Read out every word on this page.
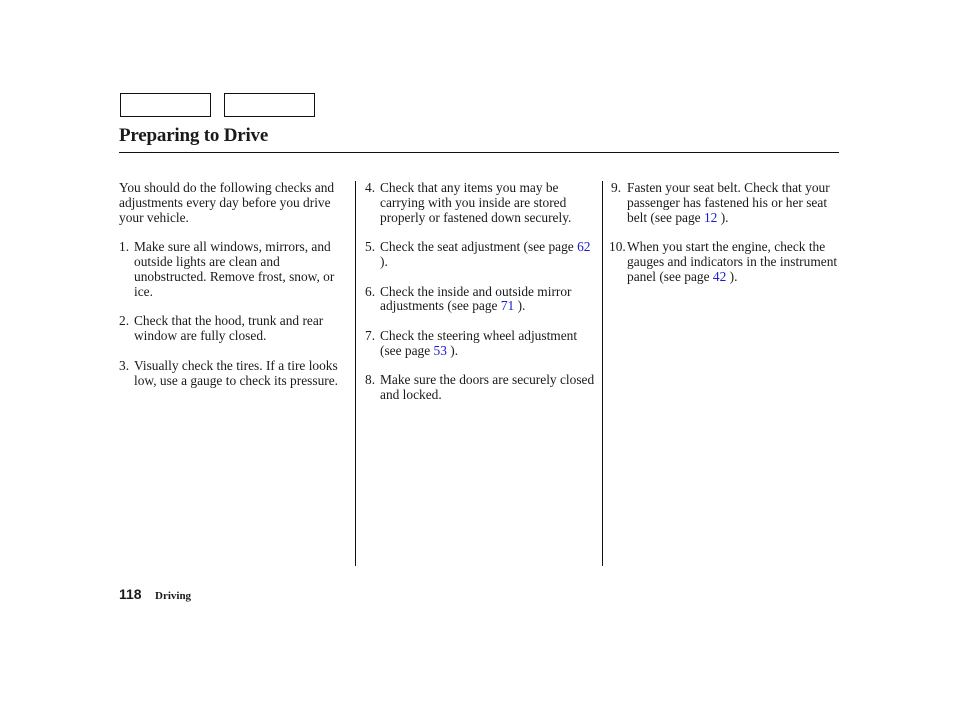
Preparing to Drive

You should do the following checks and adjustments every day before you drive your vehicle.

1. Make sure all windows, mirrors, and outside lights are clean and unobstructed. Remove frost, snow, or ice.
2. Check that the hood, trunk and rear window are fully closed.
3. Visually check the tires. If a tire looks low, use a gauge to check its pressure.
4. Check that any items you may be carrying with you inside are stored properly or fastened down securely.
5. Check the seat adjustment (see page 62 ).
6. Check the inside and outside mirror adjustments (see page 71 ).
7. Check the steering wheel adjustment (see page 53 ).
8. Make sure the doors are securely closed and locked.
9. Fasten your seat belt. Check that your passenger has fastened his or her seat belt (see page 12 ).
10. When you start the engine, check the gauges and indicators in the instrument panel (see page 42 ).
118 Driving
